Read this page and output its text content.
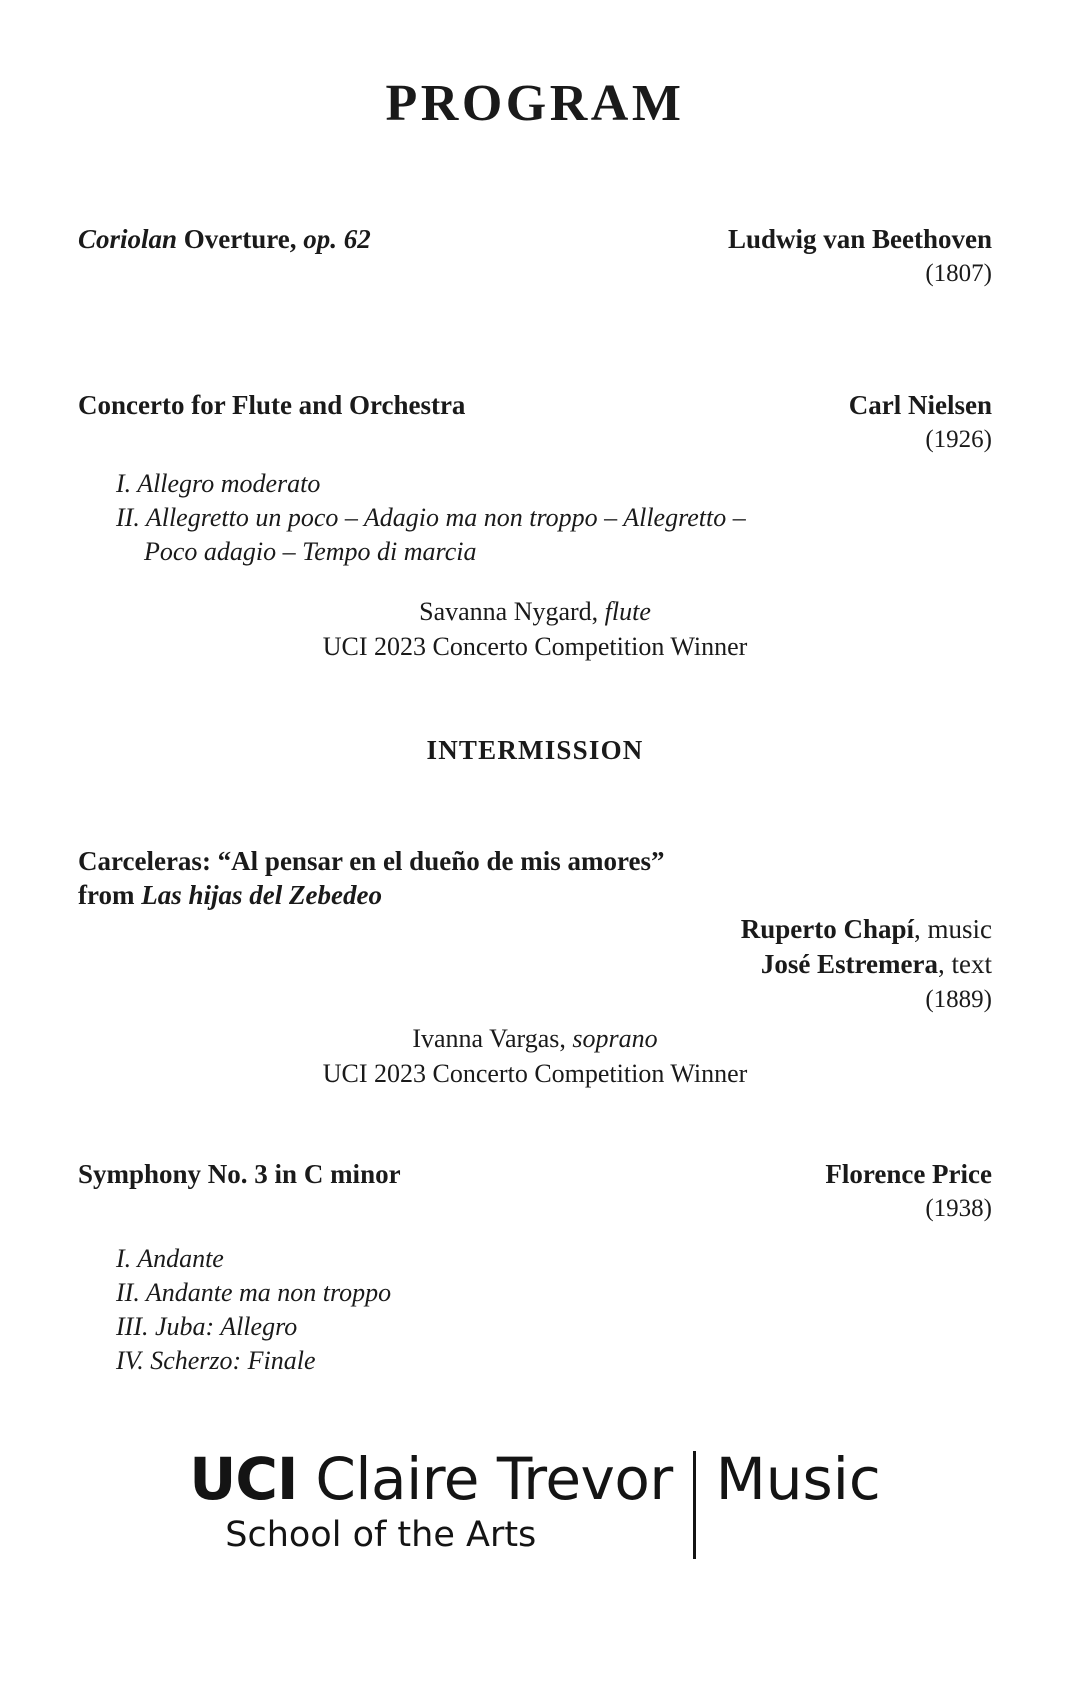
PROGRAM
Coriolan Overture, op. 62	Ludwig van Beethoven
(1807)
Concerto for Flute and Orchestra	Carl Nielsen
(1926)
I. Allegro moderato
II. Allegretto un poco – Adagio ma non troppo – Allegretto –
Poco adagio – Tempo di marcia
Savanna Nygard, flute
UCI 2023 Concerto Competition Winner
INTERMISSION
Carceleras: “Al pensar en el dueño de mis amores”
from Las hijas del Zebedeo
Ruperto Chapí, music
José Estremera, text
(1889)
Ivanna Vargas, soprano
UCI 2023 Concerto Competition Winner
Symphony No. 3 in C minor	Florence Price
(1938)
I. Andante
II. Andante ma non troppo
III. Juba: Allegro
IV. Scherzo: Finale
UCI Claire Trevor
School of the Arts
Music
